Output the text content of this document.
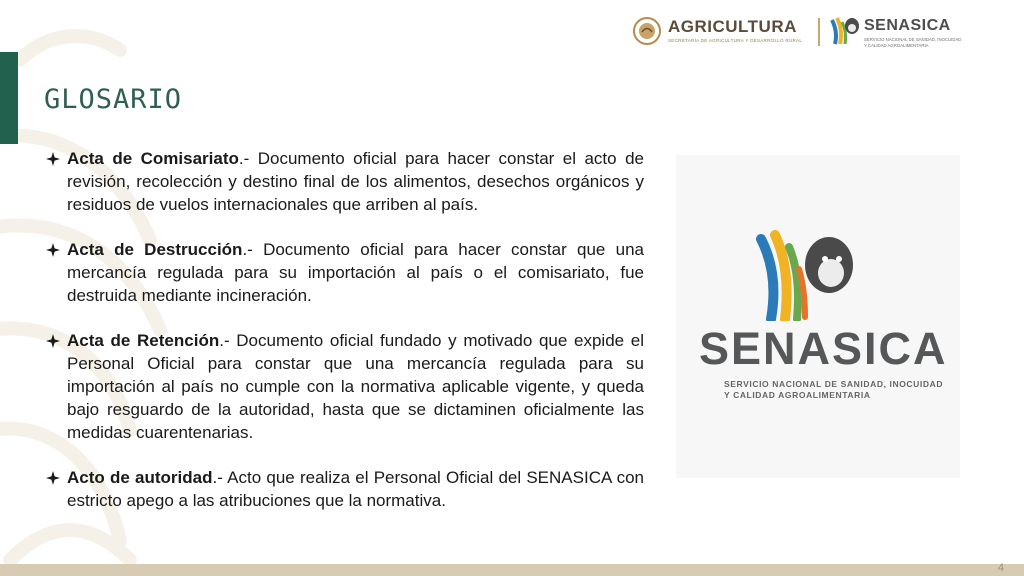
AGRICULTURA
SECRETARÍA DE AGRICULTURA Y DESARROLLO RURAL
SENASICA
SERVICIO NACIONAL DE SANIDAD, INOCUIDAD Y CALIDAD AGROALIMENTARIA
GLOSARIO
Acta de Comisariato.- Documento oficial para hacer constar el acto de revisión, recolección y destino final de los alimentos, desechos orgánicos y residuos de vuelos internacionales que arriben al país.
Acta de Destrucción.- Documento oficial para hacer constar que una mercancía regulada para su importación al país o el comisariato, fue destruida mediante incineración.
Acta de Retención.- Documento oficial fundado y motivado que expide el Personal Oficial para constar que una mercancía regulada para su importación al país no cumple con la normativa aplicable vigente, y queda bajo resguardo de la autoridad, hasta que se dictaminen oficialmente las medidas cuarentenarias.
Acto de autoridad.- Acto que realiza el Personal Oficial del SENASICA con estricto apego a las atribuciones que la normativa.
SENASICA
SERVICIO NACIONAL DE SANIDAD, INOCUIDAD Y CALIDAD AGROALIMENTARIA
4
